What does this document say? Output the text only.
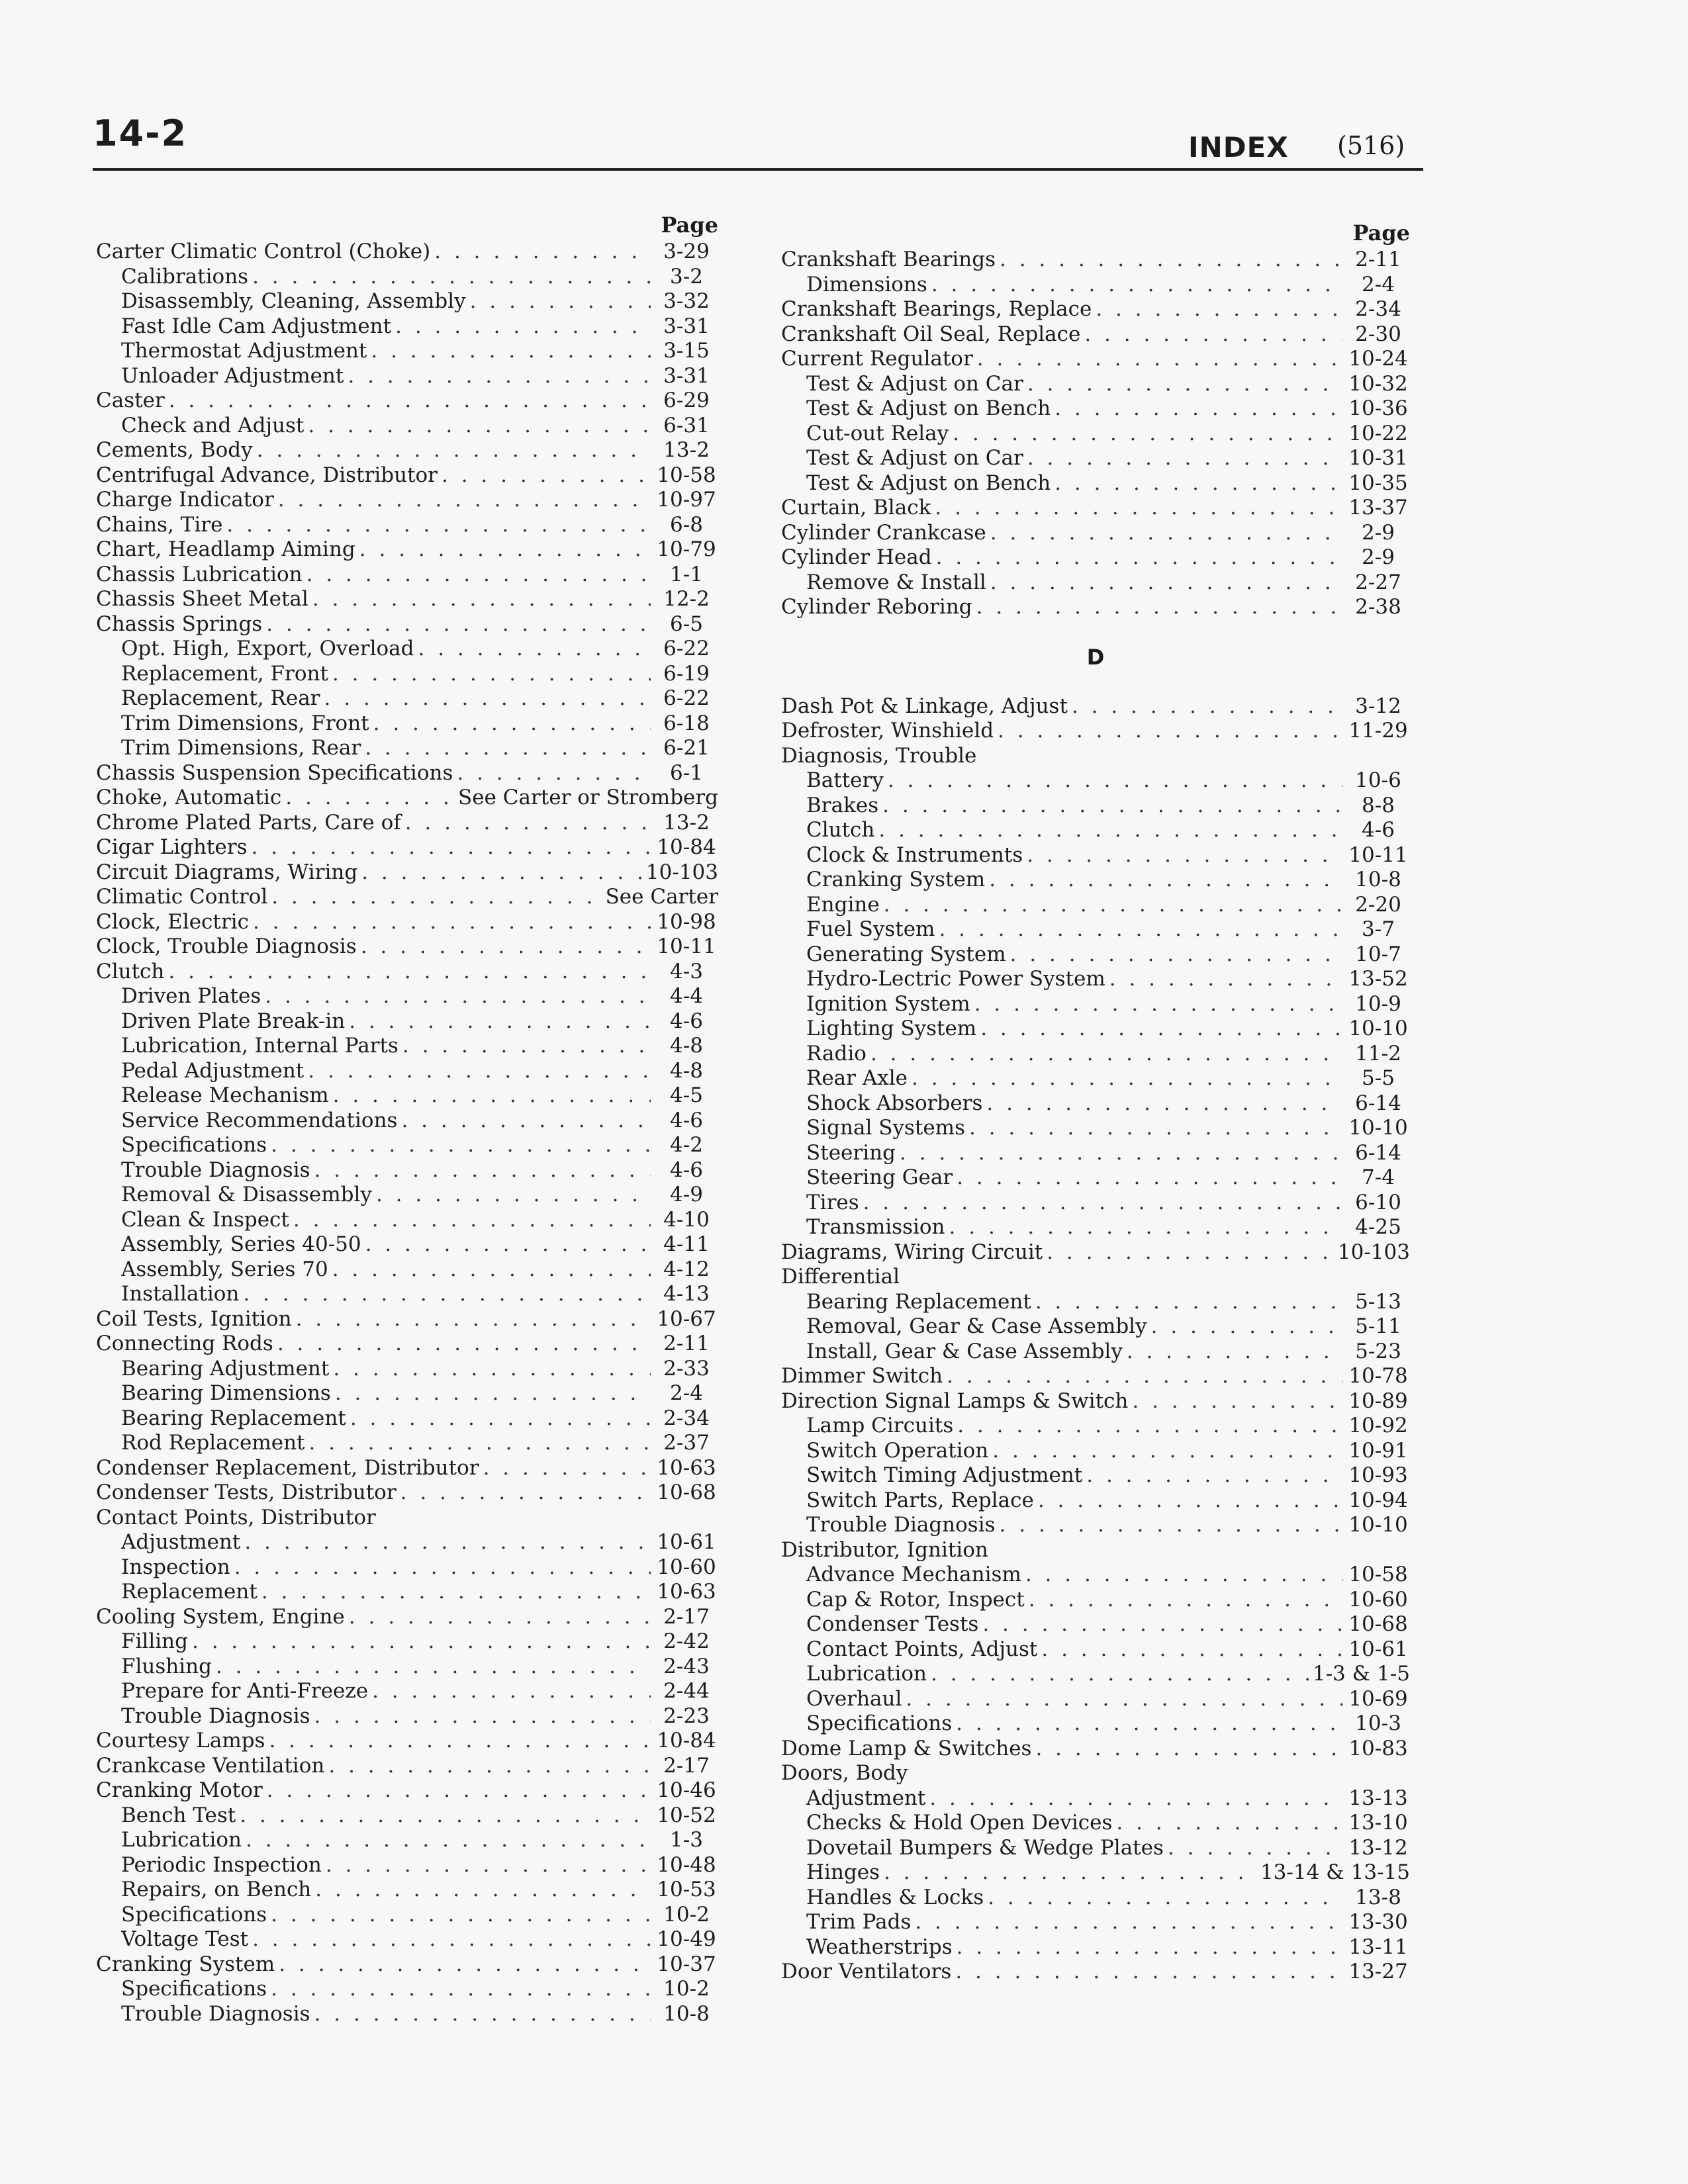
14-2	INDEX (516)
Page
Carter Climatic Control (Choke) . . .	3-29
Calibrations . . .	3-2
Disassembly, Cleaning, Assembly . . .	3-32
Fast Idle Cam Adjustment . . .	3-31
Thermostat Adjustment . . .	3-15
Unloader Adjustment . . .	3-31
Caster . . .	6-29
Check and Adjust . . .	6-31
Cements, Body . . .	13-2
Centrifugal Advance, Distributor . . .	10-58
Charge Indicator . . .	10-97
Chains, Tire . . .	6-8
Chart, Headlamp Aiming . . .	10-79
Chassis Lubrication . . .	1-1
Chassis Sheet Metal . . .	12-2
Chassis Springs . . .	6-5
Opt. High, Export, Overload . . .	6-22
Replacement, Front . . .	6-19
Replacement, Rear . . .	6-22
Trim Dimensions, Front . . .	6-18
Trim Dimensions, Rear . . .	6-21
Chassis Suspension Specifications . . .	6-1
Choke, Automatic . . .	See Carter or Stromberg
Chrome Plated Parts, Care of . . .	13-2
Cigar Lighters . . .	10-84
Circuit Diagrams, Wiring . . .	10-103
Climatic Control . . .	See Carter
Clock, Electric . . .	10-98
Clock, Trouble Diagnosis . . .	10-11
Clutch . . .	4-3
Driven Plates . . .	4-4
Driven Plate Break-in . . .	4-6
Lubrication, Internal Parts . . .	4-8
Pedal Adjustment . . .	4-8
Release Mechanism . . .	4-5
Service Recommendations . . .	4-6
Specifications . . .	4-2
Trouble Diagnosis . . .	4-6
Removal & Disassembly . . .	4-9
Clean & Inspect . . .	4-10
Assembly, Series 40-50 . . .	4-11
Assembly, Series 70 . . .	4-12
Installation . . .	4-13
Coil Tests, Ignition . . .	10-67
Connecting Rods . . .	2-11
Bearing Adjustment . . .	2-33
Bearing Dimensions . . .	2-4
Bearing Replacement . . .	2-34
Rod Replacement . . .	2-37
Condenser Replacement, Distributor . . .	10-63
Condenser Tests, Distributor . . .	10-68
Contact Points, Distributor
Adjustment . . .	10-61
Inspection . . .	10-60
Replacement . . .	10-63
Cooling System, Engine . . .	2-17
Filling . . .	2-42
Flushing . . .	2-43
Prepare for Anti-Freeze . . .	2-44
Trouble Diagnosis . . .	2-23
Courtesy Lamps . . .	10-84
Crankcase Ventilation . . .	2-17
Cranking Motor . . .	10-46
Bench Test . . .	10-52
Lubrication . . .	1-3
Periodic Inspection . . .	10-48
Repairs, on Bench . . .	10-53
Specifications . . .	10-2
Voltage Test . . .	10-49
Cranking System . . .	10-37
Specifications . . .	10-2
Trouble Diagnosis . . .	10-8
Page
Crankshaft Bearings . . .	2-11
Dimensions . . .	2-4
Crankshaft Bearings, Replace . . .	2-34
Crankshaft Oil Seal, Replace . . .	2-30
Current Regulator . . .	10-24
Test & Adjust on Car . . .	10-32
Test & Adjust on Bench . . .	10-36
Cut-out Relay . . .	10-22
Test & Adjust on Car . . .	10-31
Test & Adjust on Bench . . .	10-35
Curtain, Black . . .	13-37
Cylinder Crankcase . . .	2-9
Cylinder Head . . .	2-9
Remove & Install . . .	2-27
Cylinder Reboring . . .	2-38
D
Dash Pot & Linkage, Adjust . . .	3-12
Defroster, Winshield . . .	11-29
Diagnosis, Trouble
Battery . . .	10-6
Brakes . . .	8-8
Clutch . . .	4-6
Clock & Instruments . . .	10-11
Cranking System . . .	10-8
Engine . . .	2-20
Fuel System . . .	3-7
Generating System . . .	10-7
Hydro-Lectric Power System . . .	13-52
Ignition System . . .	10-9
Lighting System . . .	10-10
Radio . . .	11-2
Rear Axle . . .	5-5
Shock Absorbers . . .	6-14
Signal Systems . . .	10-10
Steering . . .	6-14
Steering Gear . . .	7-4
Tires . . .	6-10
Transmission . . .	4-25
Diagrams, Wiring Circuit . . .	10-103
Differential
Bearing Replacement . . .	5-13
Removal, Gear & Case Assembly . . .	5-11
Install, Gear & Case Assembly . . .	5-23
Dimmer Switch . . .	10-78
Direction Signal Lamps & Switch . . .	10-89
Lamp Circuits . . .	10-92
Switch Operation . . .	10-91
Switch Timing Adjustment . . .	10-93
Switch Parts, Replace . . .	10-94
Trouble Diagnosis . . .	10-10
Distributor, Ignition
Advance Mechanism . . .	10-58
Cap & Rotor, Inspect . . .	10-60
Condenser Tests . . .	10-68
Contact Points, Adjust . . .	10-61
Lubrication . . .	1-3 & 1-5
Overhaul . . .	10-69
Specifications . . .	10-3
Dome Lamp & Switches . . .	10-83
Doors, Body
Adjustment . . .	13-13
Checks & Hold Open Devices . . .	13-10
Dovetail Bumpers & Wedge Plates . . .	13-12
Hinges . . .	13-14 & 13-15
Handles & Locks . . .	13-8
Trim Pads . . .	13-30
Weatherstrips . . .	13-11
Door Ventilators . . .	13-27
